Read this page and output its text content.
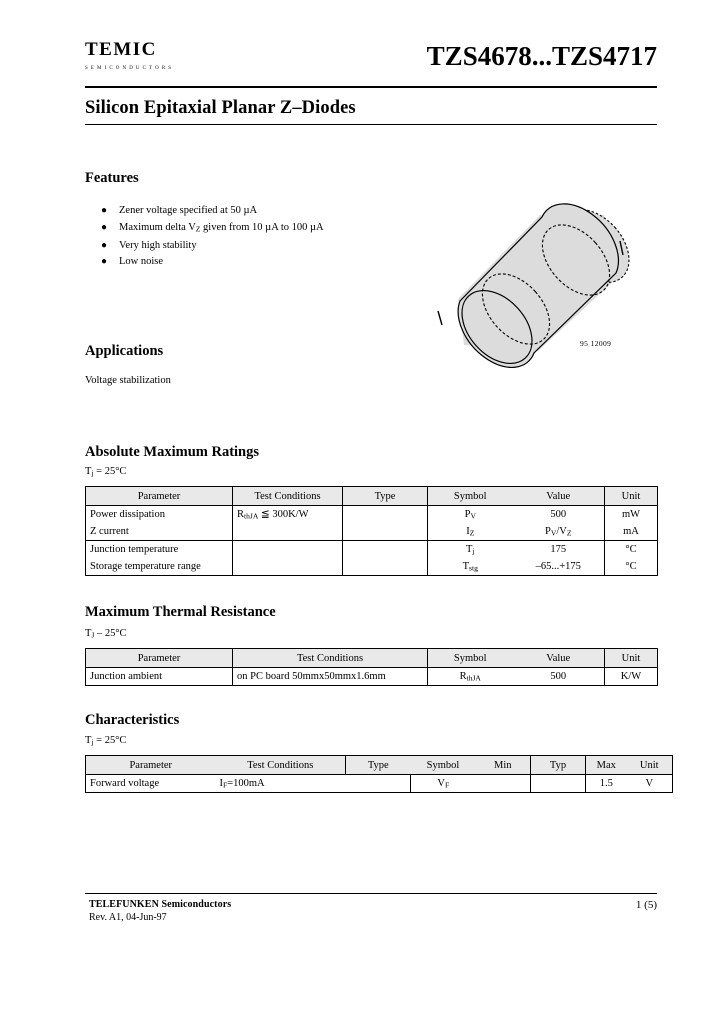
temic
semiconductors	TZS4678...TZS4717
Silicon Epitaxial Planar Z–Diodes
Features
● Zener voltage specified at 50 µA
● Maximum delta $V_Z$ given from 10 µA to 100 µA
● Very high stability
● Low noise
95 12009
Applications
Voltage stabilization
Absolute Maximum Ratings
$T_j = 25^\circ C$
Parameter	Test Conditions	Type	Symbol	Value	Unit
Power dissipation	$R_{thJA}$ ≦ 300K/W		$P_V$	500	mW
Z current			$I_Z$	$P_V/V_Z$	mA
Junction temperature			$T_j$	175	°C
Storage temperature range			$T_{stg}$	–65...+175	°C
Maximum Thermal Resistance
$T_J - 25^\circ C$
Parameter	Test Conditions	Symbol	Value	Unit
Junction ambient	on PC board 50mmx50mmx1.6mm	$R_{thJA}$	500	K/W
Characteristics
$T_j = 25^\circ C$
Parameter	Test Conditions	Type	Symbol	Min	Typ	Max	Unit
Forward voltage	$I_F=100mA$		$V_F$			1.5	V
TELEFUNKEN Semiconductors
Rev. A1, 04-Jun-97
1 (5)
